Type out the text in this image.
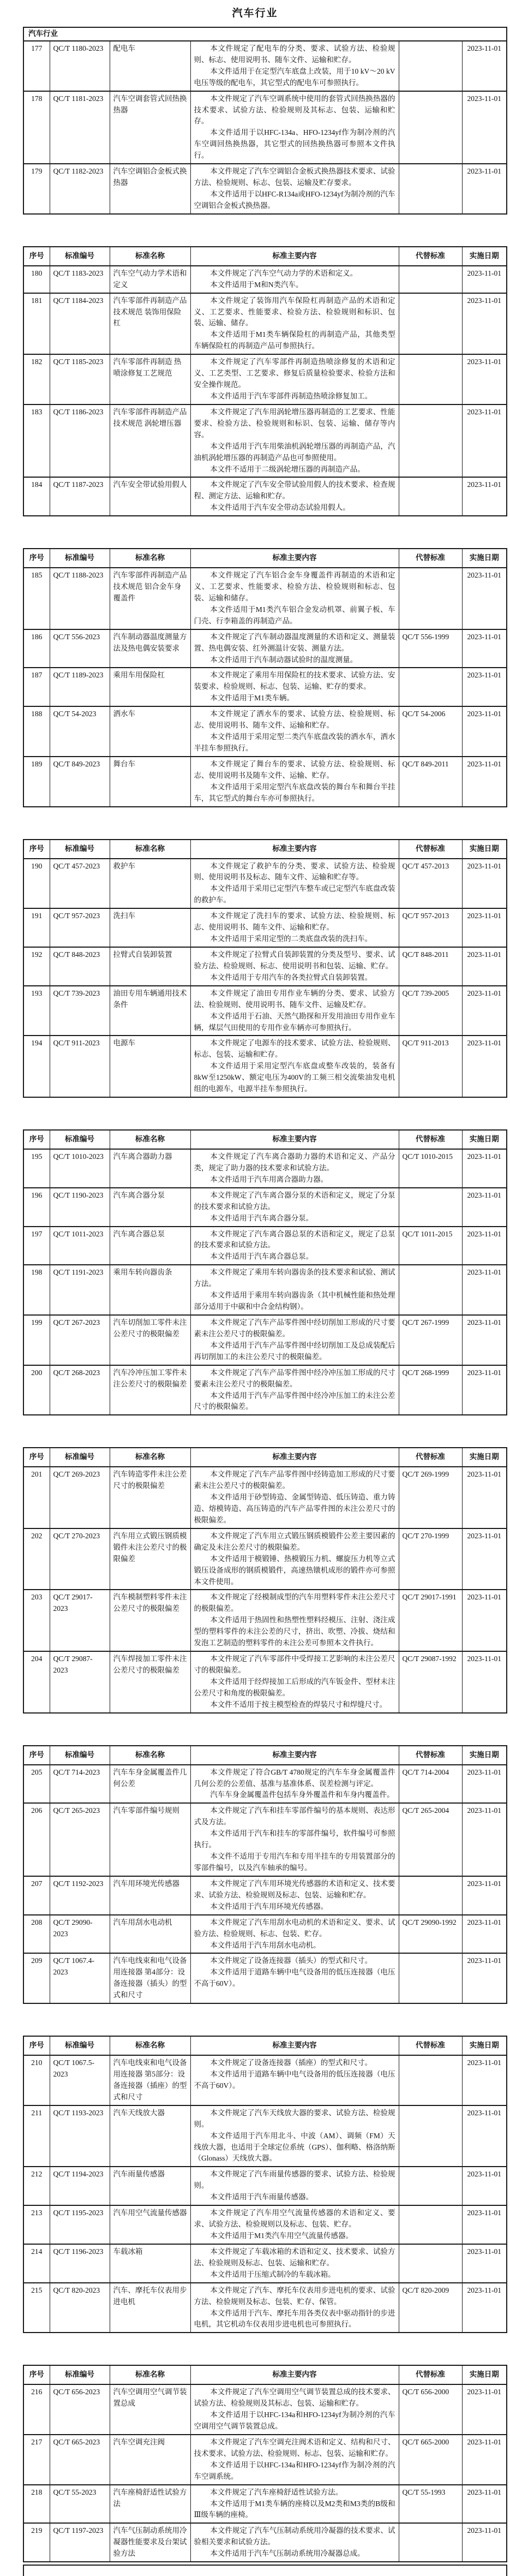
汽车行业
汽车行业					
177	QC/T 1180-2023	配电车	本文件规定了配电车的分类、要求、试验方法、检验规则、标志、使用说明书、随车文件、运输和贮存。

本文件适用于在定型汽车底盘上改装，用于10 kV～20 kV电压等级的配电车，其它型式的配电车可参照执行。		2023-11-01
178	QC/T 1181-2023	汽车空调套管式回热换热器	本文件规定了汽车空调系统中使用的套管式回热换热器的技术要求、试验方法、检验规则及其标志、包装、运输和贮存。

本文件适用于以HFC-134a、HFO-1234yf作为制冷剂的汽车空调回热换热器，其它型式的回热换热器可参照本文件执行。		2023-11-01
179	QC/T 1182-2023	汽车空调铝合金板式换热器	本文件规定了汽车空调铝合金板式换热器技术要求、试验方法、检验规则、标志、包装、运输及贮存要求。

本文件适用于以HFC-R134a或HFO-1234yf为制冷剂的汽车空调铝合金板式换热器。		2023-11-01
序号	标准编号	标准名称	标准主要内容	代替标准	实施日期
180	QC/T 1183-2023	汽车空气动力学术语和定义	本文件规定了汽车空气动力学的术语和定义。

本文件适用于M和N类汽车。		2023-11-01
181	QC/T 1184-2023	汽车零部件再制造产品技术规范 装饰用保险杠	本文件规定了装饰用汽车保险杠再制造产品的术语和定义、工艺要求、性能要求、检验方法、检验规则和标识、包装、运输、储存。

本文件适用于M1类车辆保险杠的再制造产品，其他类型车辆保险杠的再制造产品可参照执行。		2023-11-01
182	QC/T 1185-2023	汽车零部件再制造 热喷涂修复工艺规范	本文件规定了汽车零部件再制造热喷涂修复的术语和定义、工艺类型、工艺要求、修复后质量检验要求、检验方法和安全操作规范。

本文件适用于汽车零部件再制造热喷涂修复加工。		2023-11-01
183	QC/T 1186-2023	汽车零部件再制造产品技术规范 涡轮增压器	本文件规定了汽车用涡轮增压器再制造的工艺要求、性能要求、检验方法、检验规则和标识、包装、运输、储存等内容。

本文件适用于汽车用柴油机涡轮增压器的再制造产品，汽油机涡轮增压器的再制造产品也可参照使用。

本文件不适用于二级涡轮增压器的再制造产品。		2023-11-01
184	QC/T 1187-2023	汽车安全带试验用假人	本文件规定了汽车安全带试验用假人的技术要求、检查规程、测定方法、运输和贮存。

本文件适用于汽车安全带动态试验用假人。		2023-11-01
序号	标准编号	标准名称	标准主要内容	代替标准	实施日期
185	QC/T 1188-2023	汽车零部件再制造产品技术规范 铝合金车身覆盖件	本文件规定了汽车铝合金车身覆盖件再制造的术语和定义、工艺要求、性能要求、检验方法、检验规则和标志、包装、运输和储存。

本文件适用于M1类汽车铝合金发动机罩、前翼子板、车门壳、行李箱盖的再制造产品。		2023-11-01
186	QC/T 556-2023	汽车制动器温度测量方法及热电偶安装要求	本文件规定了汽车制动器温度测量的术语和定义、测量装置、热电偶安装、红外测温计安装、测量方法。

本文件适用于汽车制动器试验时的温度测量。	QC/T 556-1999	2023-11-01
187	QC/T 1189-2023	乘用车用保险杠	本文件规定了乘用车用保险杠的技术要求、试验方法、安装要求、检验规则、标志、包装、运输、贮存的要求。

本文件适用于M1类车辆。		2023-11-01
188	QC/T 54-2023	洒水车	本文件规定了洒水车的要求、试验方法、检验规则、标志、使用说明书、随车文件、运输和贮存。

本文件适用于采用定型二类汽车底盘改装的洒水车，洒水半挂车参照执行。	QC/T 54-2006	2023-11-01
189	QC/T 849-2023	舞台车	本文件规定了舞台车的要求、试验方法、检验规则、标志、使用说明书及随车文件、运输、贮存。

本文件适用于采用定型汽车底盘改装的舞台车和舞台半挂车，其它型式的舞台车亦可参照执行。	QC/T 849-2011	2023-11-01
序号	标准编号	标准名称	标准主要内容	代替标准	实施日期
190	QC/T 457-2023	救护车	本文件规定了救护车的分类、要求、试验方法、检验规则、使用说明书及标志、随车文件、运输和贮存等。

本文件适用于采用已定型汽车整车或已定型汽车底盘改装的救护车。	QC/T 457-2013	2023-11-01
191	QC/T 957-2023	洗扫车	本文件规定了洗扫车的要求、试验方法、检验规则、标志、使用说明书、随车文件、运输和贮存。

本文件适用于采用定型的二类底盘改装的洗扫车。	QC/T 957-2013	2023-11-01
192	QC/T 848-2023	拉臂式自装卸装置	本文件规定了拉臂式自装卸装置的分类及型号、要求、试验方法、检验规则、标志、使用说明书和包装、运输、贮存。

本文件适用于专用汽车的各类拉臂式自装卸装置。	QC/T 848-2011	2023-11-01
193	QC/T 739-2023	油田专用车辆通用技术条件	本文件规定了油田专用作业车辆的分类、要求、试验方法、检验规则、使用说明书、随车文件、运输及贮存。

本文件适用于石油、天然气勘探和开发用油田专用作业车辆，煤层气田使用的专用作业车辆亦可参照执行。	QC/T 739-2005	2023-11-01
194	QC/T 911-2023	电源车	本文件规定了电源车的技术要求、试验方法、检验规则、标志、包装、运输和贮存。

本文件适用于采用定型汽车底盘或整车改装的，装备有8kW至1250kW、额定电压为400V的工频三相交流柴油发电机组的电源车，电源半挂车参照执行。	QC/T 911-2013	2023-11-01
序号	标准编号	标准名称	标准主要内容	代替标准	实施日期
195	QC/T 1010-2023	汽车离合器助力器	本文件规定了汽车离合器助力器的术语和定义、产品分类，规定了助力器的技术要求和试验方法。

本文件适用于汽车用离合器助力器。	QC/T 1010-2015	2023-11-01
196	QC/T 1190-2023	汽车离合器分泵	本文件规定了汽车离合器分泵的术语和定义，规定了分泵的技术要求和试验方法。

本文件适用于汽车离合器分泵。		2023-11-01
197	QC/T 1011-2023	汽车离合器总泵	本文件规定了汽车离合器总泵的术语和定义，规定了总泵的技术要求和试验方法。

本文件适用于汽车离合器总泵。	QC/T 1011-2015	2023-11-01
198	QC/T 1191-2023	乘用车转向器齿条	本文件规定了乘用车转向器齿条的技术要求和试验、测试方法。

本文件适用于乘用车转向器齿条（其中机械性能和热处理部分适用于中碳和中合金结构钢）。		2023-11-01
199	QC/T 267-2023	汽车切削加工零件未注公差尺寸的极限偏差	本文件规定了汽车产品零件图中经切削加工形成的尺寸要素未注公差尺寸的极限偏差。

本文件适用于汽车产品零件图中经切削加工及总成装配后再切削加工的未注公差尺寸的极限偏差。	QC/T 267-1999	2023-11-01
200	QC/T 268-2023	汽车冷冲压加工零件未注公差尺寸的极限偏差	本文件规定了汽车产品零件图中经冷冲压加工形成的尺寸要素未注公差尺寸的极限偏差。

本文件适用于汽车产品零件图中经冷冲压加工的未注公差尺寸的极限偏差。	QC/T 268-1999	2023-11-01
序号	标准编号	标准名称	标准主要内容	代替标准	实施日期
201	QC/T 269-2023	汽车铸造零件未注公差尺寸的极限偏差	本文件规定了汽车产品零件图中经铸造加工形成的尺寸要素未注公差尺寸的极限偏差。

本文件适用于砂型铸造、金属型铸造、低压铸造、重力铸造、熔模铸造、高压铸造的汽车产品零件图的未注公差尺寸的极限偏差。	QC/T 269-1999	2023-11-01
202	QC/T 270-2023	汽车用立式锻压钢质模锻件未注公差尺寸的极限偏差	本文件规定了汽车用立式锻压钢质模锻件公差主要因素的确定及未注公差尺寸的极限偏差。

本文件适用于模锻锤、热模锻压力机、螺旋压力机等立式锻压设备成形的钢质模锻件，高速热镦机成形的锻件亦可参照本文件使用。	QC/T 270-1999	2023-11-01
203	QC/T 29017-2023	汽车模制塑料零件未注公差尺寸的极限偏差	本文件规定了经模制成型的汽车用塑料零件未注公差尺寸的极限偏差。

本文件适用于热固性和热塑性塑料经模压、注射、浇注成型的塑料零件的未注公差的尺寸，挤出、吹塑、冷拔、烧结和发泡工艺制造的塑料零件的未注公差可参照本文件执行。	QC/T 29017-1991	2023-11-01
204	QC/T 29087-2023	汽车焊接加工零件未注公差尺寸的极限偏差	本文件规定了汽车零部件中受焊接工艺影响的未注公差尺寸的极限偏差。

本文件适用于经焊接加工后形成的汽车钣金件、型材未注公差尺寸和角度的极限偏差。

本文件不适用于按主模型检查的焊装尺寸和焊缝尺寸。	QC/T 29087-1992	2023-11-01
序号	标准编号	标准名称	标准主要内容	代替标准	实施日期
205	QC/T 714-2023	汽车车身金属覆盖件几何公差	本文件规定了符合GB/T 4780规定的汽车车身金属覆盖件几何公差的公差值、基准与基准体系、误差检测与评定。

汽车车身金属覆盖件包括车身外覆盖件和车身内覆盖件。	QC/T 714-2004	2023-11-01
206	QC/T 265-2023	汽车零部件编号规则	本文件规定了汽车和挂车零部件编号的基本规则、表达形式及方法。

本文件适用于汽车和挂车的零部件编号，软件编号可参照执行。

本文件不适用于专用汽车和专用半挂车的专用装置部分的零部件编号，以及汽车轴承的编号。	QC/T 265-2004	2023-11-01
207	QC/T 1192-2023	汽车用环境光传感器	本文件规定了汽车用环境光传感器的术语和定义、技术要求、试验方法、检验规则及标志、包装、运输和贮存。

本文件适用于汽车用环境光传感器。		2023-11-01
208	QC/T 29090-2023	汽车用刮水电动机	本文件规定了汽车用刮水电动机的术语和定义、要求、试验方法、检验规则、标志、包装、贮存。

本文件适用于汽车用刮水电动机。	QC/T 29090-1992	2023-11-01
209	QC/T 1067.4-2023	汽车电线束和电气设备用连接器 第4部分：设备连接器（插头）的型式和尺寸	本文件规定了设备连接器（插头）的型式和尺寸。

本文件适用于道路车辆中电气设备用的低压连接器（电压不高于60V）。		2023-11-01
序号	标准编号	标准名称	标准主要内容	代替标准	实施日期
210	QC/T 1067.5-2023	汽车电线束和电气设备用连接器 第5部分：设备连接器（插座）的型式和尺寸	本文件规定了设备连接器（插座）的型式和尺寸。

本文件适用于道路车辆中电气设备用的低压连接器（电压不高于60V）。		2023-11-01
211	QC/T 1193-2023	汽车天线放大器	本文件规定了汽车天线放大器的要求、试验方法、检验规则。

本文件适用于汽车用北斗、中波（AM）、调频（FM）天线放大器，也适用于全球定位系统（GPS）、伽利略、格洛纳斯（Glonass）天线放大器。		2023-11-01
212	QC/T 1194-2023	汽车雨量传感器	本文件规定了汽车雨量传感器的要求、试验方法、检验规则。

本文件适用于汽车雨量传感器。		2023-11-01
213	QC/T 1195-2023	汽车用空气流量传感器	本文件规定了汽车用空气流量传感器的术语和定义、要求、试验方法、检验规则以及标志、包装、贮存。

本文件适用于M1类汽车用空气流量传感器。		2023-11-01
214	QC/T 1196-2023	车载冰箱	本文件规定了车载冰箱的术语和定义、技术要求、试验方法、检验规则及标志、包装、运输和贮存。

本文件适用于压缩式制冷的车载冰箱。		2023-11-01
215	QC/T 820-2023	汽车、摩托车仪表用步进电机	本文件规定了汽车、摩托车仪表用步进电机的要求、试验方法、检验规则及标志、包装、贮存、保管。

本文件适用于汽车、摩托车用各类仪表中驱动指针的步进电机，其它机动车仪表用步进电机也可参照执行。	QC/T 820-2009	2023-11-01
序号	标准编号	标准名称	标准主要内容	代替标准	实施日期
216	QC/T 656-2023	汽车空调用空气调节装置总成	本文件规定了汽车空调用空气调节装置总成的技术要求、试验方法、检验规则及其标志、包装、运输和贮存。

本文件适用于以HFC-134a和HFO-1234yf为制冷剂的汽车空调用空气调节装置总成。	QC/T 656-2000	2023-11-01
217	QC/T 665-2023	汽车空调充注阀	本文件规定了汽车空调充注阀术语和定义、结构和尺寸、技术要求、试验方法、检验规则、标志、包装、运输和贮存。

本文件适用于以HFC-134a和HFO-1234yf作为制冷剂的汽车空调系统。	QC/T 665-2000	2023-11-01
218	QC/T 55-2023	汽车座椅舒适性试验方法	本文件规定了汽车座椅舒适性试验方法。

本文件适用于M1类车辆的座椅以及M2类和M3类的B级和Ⅲ级车辆的座椅。	QC/T 55-1993	2023-11-01
219	QC/T 1197-2023	汽车气压制动系统用冷凝器性能要求及台架试验方法	本文件规定了汽车气压制动系统用冷凝器的技术要求、试验相关要求和试验方法。

本文件适用于汽车气压制动系统用冷凝器总成。		2023-11-01
